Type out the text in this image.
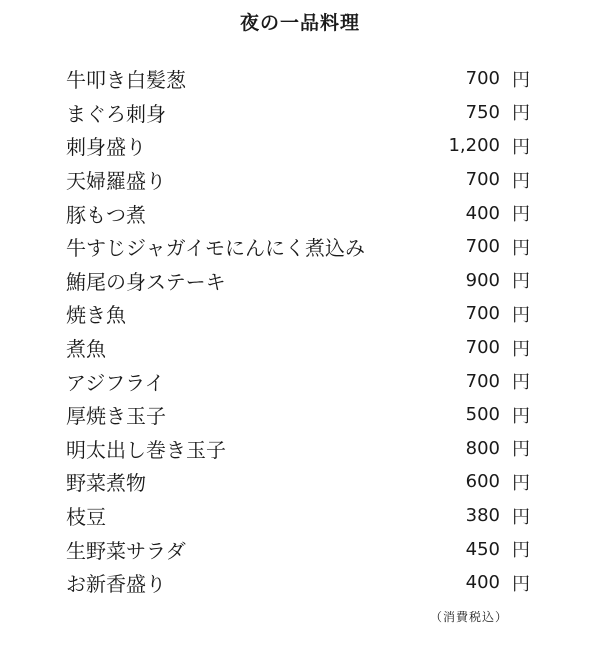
夜の一品料理
牛叩き白髪葱	700 円
まぐろ刺身	750 円
刺身盛り	1,200 円
天婦羅盛り	700 円
豚もつ煮	400 円
牛すじジャガイモにんにく煮込み	700 円
鮪尾の身ステーキ	900 円
焼き魚	700 円
煮魚	700 円
アジフライ	700 円
厚焼き玉子	500 円
明太出し巻き玉子	800 円
野菜煮物	600 円
枝豆	380 円
生野菜サラダ	450 円
お新香盛り	400 円
（消費税込）
